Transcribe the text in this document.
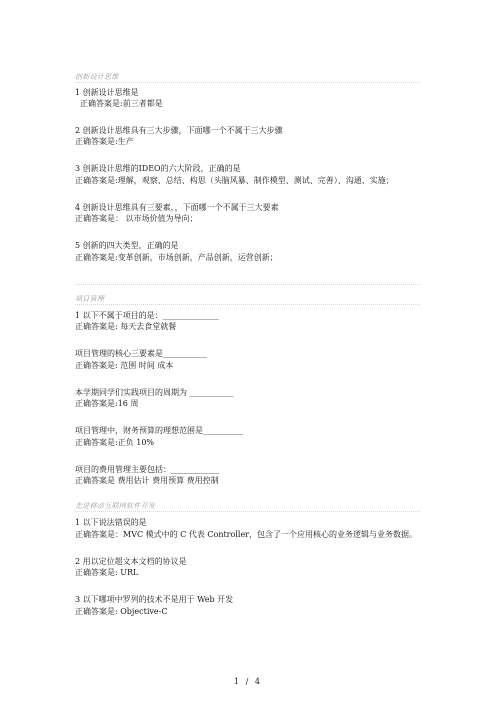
创新设计思维
1 创新设计思维是
正确答案是:前三者都是
2 创新设计思维具有三大步骤，下面哪一个不属于三大步骤
正确答案是:生产
3 创新设计思维的IDEO的六大阶段，正确的是
正确答案是:理解，观察、总结、构思（头脑风暴、制作模型、测试、完善）、沟通、实施；
4 创新设计思维具有三要素，，下面哪一个不属于三大要素
正确答案是： 以市场价值为导向；
5 创新的四大类型，正确的是
正确答案是:变革创新，市场创新，产品创新，运营创新；
项目管理
1 以下不属于项目的是：______________
正确答案是: 每天去食堂就餐
项目管理的核心三要素是___________
正确答案是: 范围 时间 成本
本学期同学们实践项目的周期为 ___________
正确答案是:16 周
项目管理中，财务预算的理想范围是__________
正确答案是:正负 10%
项目的费用管理主要包括：____________
正确答案是 费用估计 费用预算 费用控制
走进移动互联网软件开发
1 以下说法错误的是
正确答案是：MVC 模式中的 C 代表 Controller，包含了一个应用核心的业务逻辑与业务数据。
2 用以定位超文本文档的协议是
正确答案是: URL
3 以下哪项中罗列的技术不是用于 Web 开发
正确答案是: Objective-C
1 / 4
